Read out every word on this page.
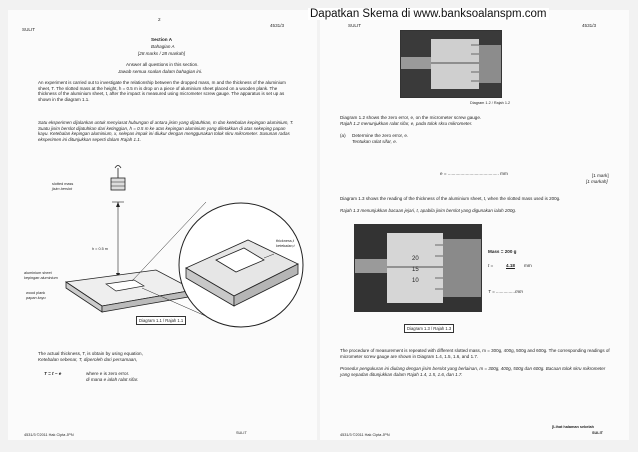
SULIT
2
4531/3
Section A
Bahagian A
[28 marks / 28 markah]
Answer all questions in this section.
Jawab semua soalan dalam bahagian ini.
An experiment is carried out to investigate the relationship between the dropped mass, m and the thickness of the aluminium sheet, T. The slotted mass at the height, h = 0.5 m is drop on a piece of aluminium sheet placed on a wooden plank. The thickness of the aluminium sheet, t, after the impact is measured using micrometer screw gauge. The apparatus is set up as shown in the diagram 1.1.
Satu eksperimen dijalankan untuk menyiasat hubungan di antara jisim yang dijatuhkan, m dan ketebalan kepingan aluminium, T. Suatu jisim berslot dijatuhkan dari ketinggian, h = 0.5 m ke atas kepingan aluminium yang diletakkan di atas sekeping papan kayu. Ketebalan kepingan aluminium, x, selepas impak ini diukur dengan menggunakan tolok skru mikrometer. Susunan radas eksperimen ini ditunjukkan seperti dalam Rajah 1.1.
slotted mass
jisim berslot
h = 0.5 m
aluminium sheet
kepingan aluminium
wood plank
papan kayu
thickness,t
ketebalan,t
Diagram 1.1 / Rajah 1.1
The actual thickness, T, is obtain by using equation,
Ketebalan sebenar, T, diperoleh dari persamaan,
T = t − e	where e is zero error.
di mana e ialah ralat sifar.
4531/3 ©2011 Hak Cipta JPN	SULIT
SULIT	4531/3
Diagram 1.2 / Rajah 1.2
Diagram 1.2 shows the zero error, e, on the micrometer screw gauge.
Rajah 1.2 menunjukkan ralat sifar, e, pada tolok skru mikrometer.
(a) Determine the zero error, e.
Tentukan ralat sifar, e.
e = ........................................ mm	[1 mark]
[1 markah]
Diagram 1.3 shows the reading of the thickness of the aluminium sheet, t, when the slotted mass used is 200g.
Rajah 1.3 menunjukkan bacaan jejari, t, apabila jisim berslot yang digunakan ialah 200g.
20
15
10
Mass = 200 g
t =	4.18 mm
T = ...............mm
Diagram 1.3 / Rajah 1.3
The procedure of measurement is repeated with different slotted mass, m = 300g, 400g, 500g and 600g. The corresponding readings of micrometer screw gauge are shown in Diagram 1.4, 1.5, 1.6, and 1.7.
Prosedur pengukuran ini diulang dengan jisim berslot yang berlainan, m = 300g, 400g, 500g dan 600g. Bacaan tolok skru mikrometer yang sepadan ditunjukkan dalam Rajah 1.4, 1.5, 1.6, dan 1.7.
4531/3 ©2011 Hak Cipta JPN
[Lihat halaman sebelah
SULIT
Dapatkan Skema di www.banksoalanspm.com
